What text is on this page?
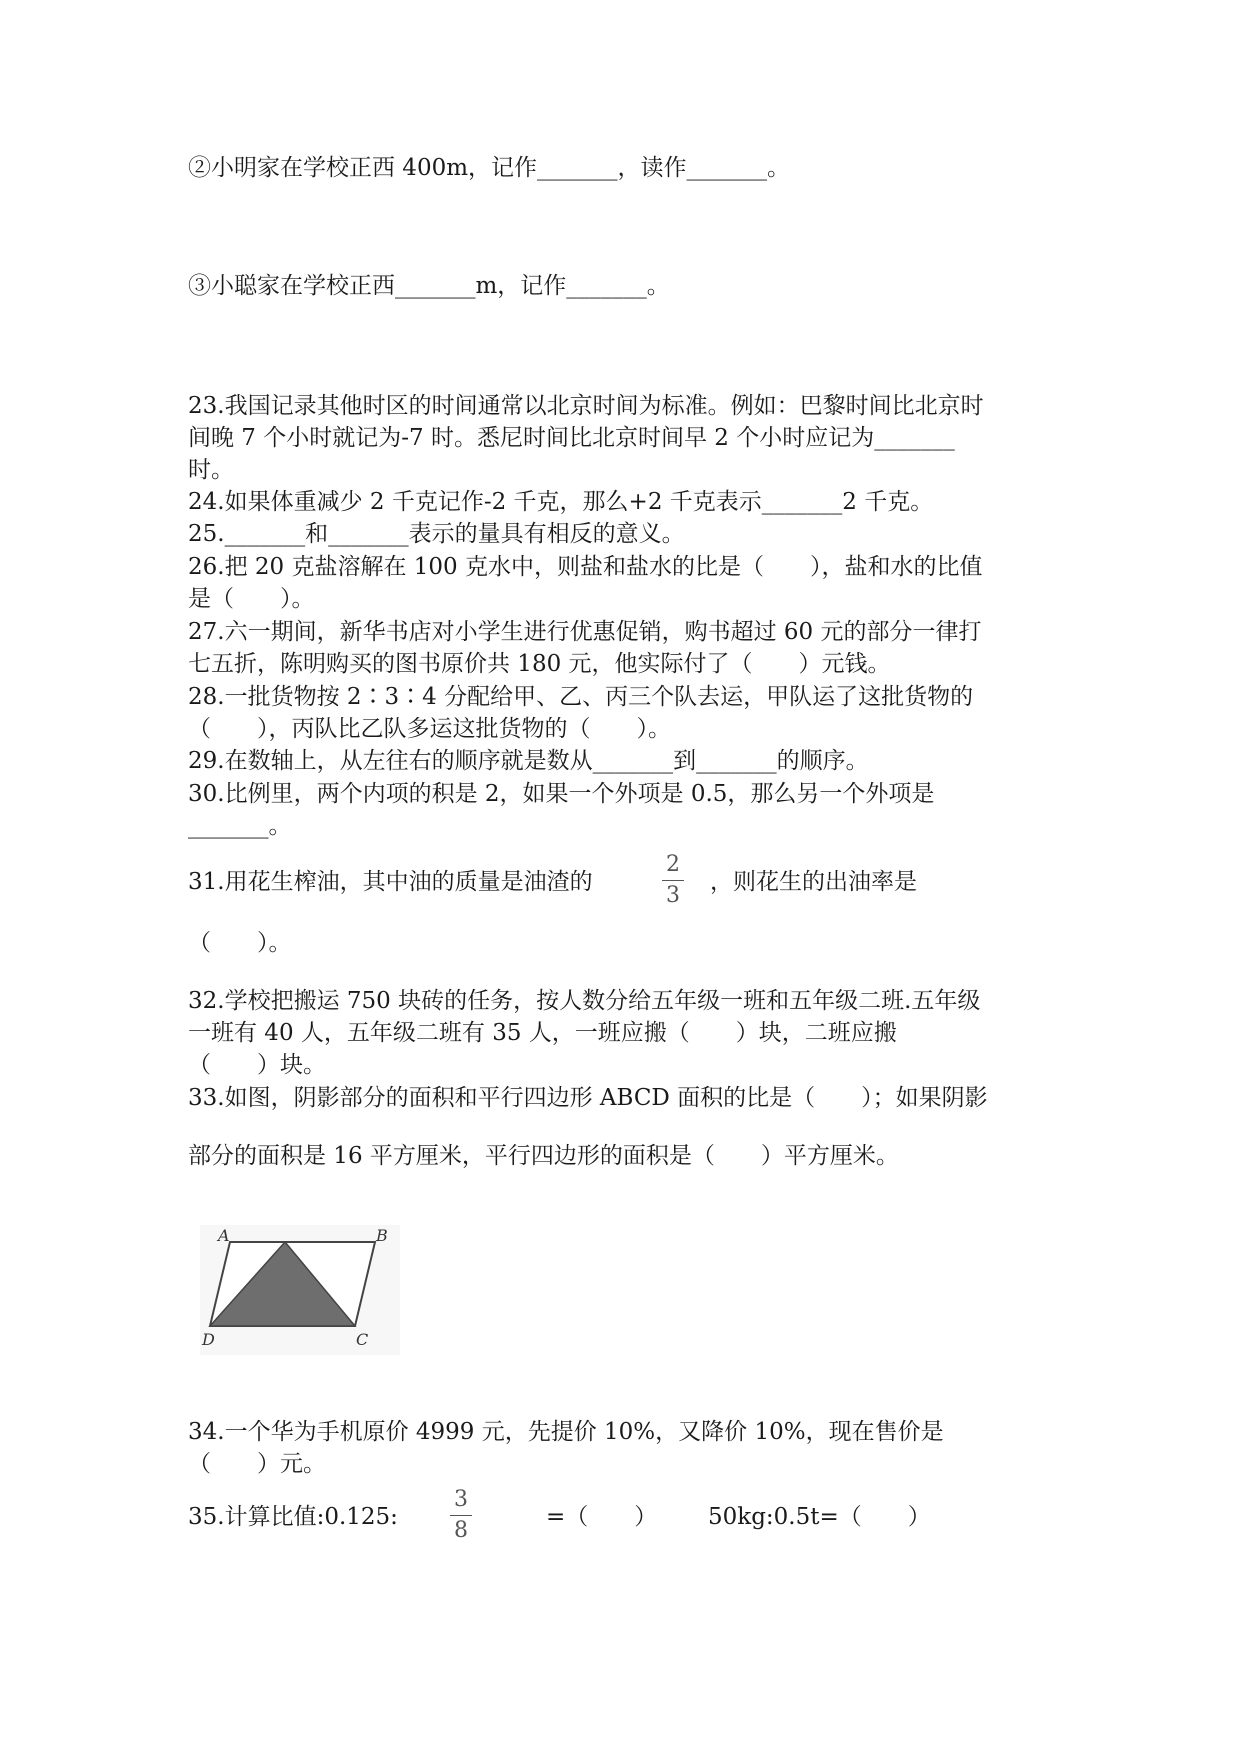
②小明家在学校正西 400m，记作_______，读作_______。
③小聪家在学校正西_______m，记作_______。
23.我国记录其他时区的时间通常以北京时间为标准。例如：巴黎时间比北京时
间晚 7 个小时就记为-7 时。悉尼时间比北京时间早 2 个小时应记为_______
时。
24.如果体重减少 2 千克记作-2 千克，那么+2 千克表示_______2 千克。
25._______和_______表示的量具有相反的意义。
26.把 20 克盐溶解在 100 克水中，则盐和盐水的比是（　　），盐和水的比值
是（　　）。
27.六一期间，新华书店对小学生进行优惠促销，购书超过 60 元的部分一律打
七五折，陈明购买的图书原价共 180 元，他实际付了（　　）元钱。
28.一批货物按 2∶3∶4 分配给甲、乙、丙三个队去运，甲队运了这批货物的
（　　），丙队比乙队多运这批货物的（　　）。
29.在数轴上，从左往右的顺序就是数从_______到_______的顺序。
30.比例里，两个内项的积是 2，如果一个外项是 0.5，那么另一个外项是
_______。
31.用花生榨油，其中油的质量是油渣的
2
3
，则花生的出油率是
（　　）。
32.学校把搬运 750 块砖的任务，按人数分给五年级一班和五年级二班.五年级
一班有 40 人，五年级二班有 35 人，一班应搬（　　）块，二班应搬
（　　）块。
33.如图，阴影部分的面积和平行四边形 ABCD 面积的比是（　　）；如果阴影
部分的面积是 16 平方厘米，平行四边形的面积是（　　）平方厘米。
A	B
C
D
34.一个华为手机原价 4999 元，先提价 10%，又降价 10%，现在售价是
（　　）元。
35.计算比值:0.125:
3
8
=（　　） 50kg:0.5t=（　　）
